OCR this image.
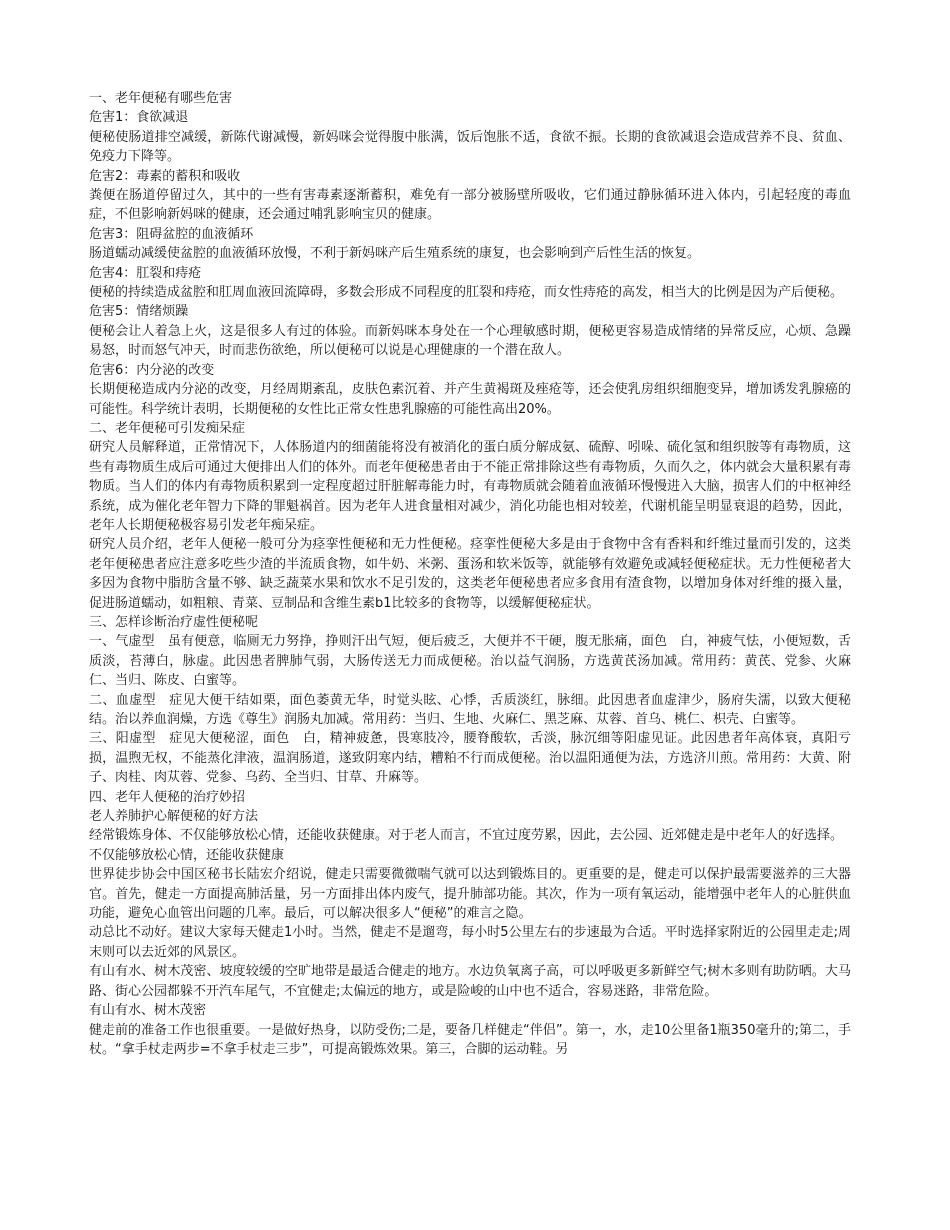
一、老年便秘有哪些危害

危害1：食欲减退

便秘使肠道排空减缓，新陈代谢减慢，新妈咪会觉得腹中胀满，饭后饱胀不适，食欲不振。长期的食欲减退会造成营养不良、贫血、免疫力下降等。

危害2：毒素的蓄积和吸收

粪便在肠道停留过久，其中的一些有害毒素逐渐蓄积，难免有一部分被肠壁所吸收，它们通过静脉循环进入体内，引起轻度的毒血症，不但影响新妈咪的健康，还会通过哺乳影响宝贝的健康。

危害3：阻碍盆腔的血液循环

肠道蠕动减缓使盆腔的血液循环放慢，不利于新妈咪产后生殖系统的康复，也会影响到产后性生活的恢复。

危害4：肛裂和痔疮

便秘的持续造成盆腔和肛周血液回流障碍，多数会形成不同程度的肛裂和痔疮，而女性痔疮的高发，相当大的比例是因为产后便秘。

危害5：情绪烦躁

便秘会让人着急上火，这是很多人有过的体验。而新妈咪本身处在一个心理敏感时期，便秘更容易造成情绪的异常反应，心烦、急躁易怒，时而怒气冲天，时而悲伤欲绝，所以便秘可以说是心理健康的一个潜在敌人。

危害6：内分泌的改变

长期便秘造成内分泌的改变，月经周期紊乱，皮肤色素沉着、并产生黄褐斑及痤疮等，还会使乳房组织细胞变异，增加诱发乳腺癌的可能性。科学统计表明，长期便秘的女性比正常女性患乳腺癌的可能性高出20%。

二、老年便秘可引发痴呆症

研究人员解释道，正常情况下，人体肠道内的细菌能将没有被消化的蛋白质分解成氨、硫醇、吲哚、硫化氢和组织胺等有毒物质，这些有毒物质生成后可通过大便排出人们的体外。而老年便秘患者由于不能正常排除这些有毒物质，久而久之，体内就会大量积累有毒物质。当人们的体内有毒物质积累到一定程度超过肝脏解毒能力时，有毒物质就会随着血液循环慢慢进入大脑，损害人们的中枢神经系统，成为催化老年智力下降的罪魁祸首。因为老年人进食量相对减少，消化功能也相对较差，代谢机能呈明显衰退的趋势，因此，老年人长期便秘极容易引发老年痴呆症。

研究人员介绍，老年人便秘一般可分为痉挛性便秘和无力性便秘。痉挛性便秘大多是由于食物中含有香料和纤维过量而引发的，这类老年便秘患者应注意多吃些少渣的半流质食物，如牛奶、米粥、蛋汤和软米饭等，就能够有效避免或减轻便秘症状。无力性便秘者大多因为食物中脂肪含量不够、缺乏蔬菜水果和饮水不足引发的，这类老年便秘患者应多食用有渣食物，以增加身体对纤维的摄入量，促进肠道蠕动，如粗粮、青菜、豆制品和含维生素b1比较多的食物等，以缓解便秘症状。

三、怎样诊断治疗虚性便秘呢

一、气虚型　虽有便意，临厕无力努挣，挣则汗出气短，便后疲乏，大便并不干硬，腹无胀痛，面色　白，神疲气怯，小便短数，舌质淡，苔薄白，脉虚。此因患者脾肺气弱，大肠传送无力而成便秘。治以益气润肠，方选黄芪汤加减。常用药：黄芪、党参、火麻仁、当归、陈皮、白蜜等。

二、血虚型　症见大便干结如栗，面色萎黄无华，时觉头眩、心悸，舌质淡红，脉细。此因患者血虚津少，肠府失濡，以致大便秘结。治以养血润燥，方选《尊生》润肠丸加减。常用药：当归、生地、火麻仁、黑芝麻、苁蓉、首乌、桃仁、枳壳、白蜜等。

三、阳虚型　症见大便秘涩，面色　白，精神疲惫，畏寒肢冷，腰脊酸软，舌淡，脉沉细等阳虚见证。此因患者年高体衰，真阳亏损，温煦无权，不能蒸化津液，温润肠道，遂致阴寒内结，糟粕不行而成便秘。治以温阳通便为法，方选济川煎。常用药：大黄、附子、肉桂、肉苁蓉、党参、乌药、全当归、甘草、升麻等。

四、老年人便秘的治疗妙招

老人养肺护心解便秘的好方法

经常锻炼身体、不仅能够放松心情，还能收获健康。对于老人而言，不宜过度劳累，因此，去公园、近郊健走是中老年人的好选择。

不仅能够放松心情，还能收获健康

世界徒步协会中国区秘书长陆宏介绍说，健走只需要微微喘气就可以达到锻炼目的。更重要的是，健走可以保护最需要滋养的三大器官。首先，健走一方面提高肺活量，另一方面排出体内废气，提升肺部功能。其次，作为一项有氧运动，能增强中老年人的心脏供血功能，避免心血管出问题的几率。最后，可以解决很多人“便秘”的难言之隐。

动总比不动好。建议大家每天健走1小时。当然，健走不是遛弯，每小时5公里左右的步速最为合适。平时选择家附近的公园里走走;周末则可以去近郊的风景区。

有山有水、树木茂密、坡度较缓的空旷地带是最适合健走的地方。水边负氧离子高，可以呼吸更多新鲜空气;树木多则有助防晒。大马路、街心公园都躲不开汽车尾气，不宜健走;太偏远的地方，或是险峻的山中也不适合，容易迷路，非常危险。

有山有水、树木茂密

健走前的准备工作也很重要。一是做好热身，以防受伤;二是，要备几样健走“伴侣”。第一，水，走10公里备1瓶350毫升的;第二，手杖。“拿手杖走两步=不拿手杖走三步”，可提高锻炼效果。第三，合脚的运动鞋。另
